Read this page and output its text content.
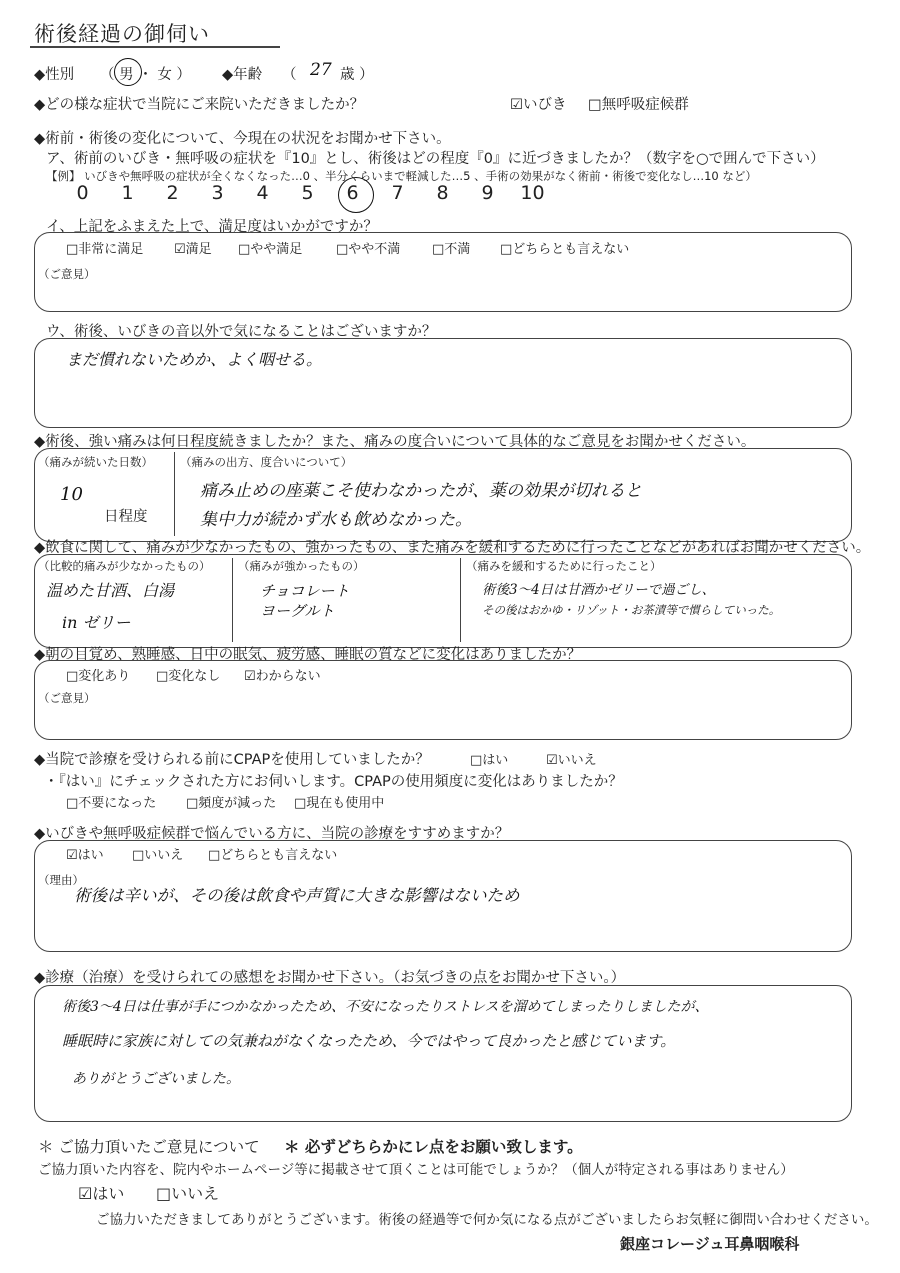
術後経過の御伺い
◆性別 （ 男 ・ 女 ） ◆年齢 （ 27 歳 ）
◆どの様な症状で当院にご来院いただきましたか？	☑いびき □無呼吸症候群
◆術前・術後の変化について、今現在の状況をお聞かせ下さい。
ア、術前のいびき・無呼吸の症状を『10』とし、術後はどの程度『0』に近づきましたか？（数字を○で囲んで下さい）
【例】 いびきや無呼吸の症状が全くなくなった…0 、半分くらいまで軽減した…5 、手術の効果がなく術前・術後で変化なし…10 など）
0 1 2 3 4 5 6 7 8 9 10
イ、上記をふまえた上で、満足度はいかがですか？
□非常に満足 ☑満足 □やや満足	□やや不満 □不満 □どちらとも言えない
（ご意見）
ウ、術後、いびきの音以外で気になることはございますか？
まだ慣れないためか、よく咽せる。
◆術後、強い痛みは何日程度続きましたか？また、痛みの度合いについて具体的なご意見をお聞かせください。
（痛みが続いた日数）
10
日程度
（痛みの出方、度合いについて）
痛み止めの座薬こそ使わなかったが、薬の効果が切れると
集中力が続かず水も飲めなかった。
◆飲食に関して、痛みが少なかったもの、強かったもの、また痛みを緩和するために行ったことなどがあればお聞かせください。
（比較的痛みが少なかったもの）
温めた甘酒、白湯
in ゼリー
（痛みが強かったもの）
チョコレート
ヨーグルト
（痛みを緩和するために行ったこと）
術後3〜4日は甘酒かゼリーで過ごし、
その後はおかゆ・リゾット・お茶漬等で慣らしていった。
◆朝の目覚め、熟睡感、日中の眠気、疲労感、睡眠の質などに変化はありましたか？
□変化あり □変化なし ☑わからない
（ご意見）
◆当院で診療を受けられる前にCPAPを使用していましたか？	□はい	☑いいえ
・『はい』にチェックされた方にお伺いします。CPAPの使用頻度に変化はありましたか？
□不要になった □頻度が減った □現在も使用中
◆いびきや無呼吸症候群で悩んでいる方に、当院の診療をすすめますか？
☑はい □いいえ □どちらとも言えない
（理由）
術後は辛いが、その後は飲食や声質に大きな影響はないため
◆診療（治療）を受けられての感想をお聞かせ下さい。（お気づきの点をお聞かせ下さい。）
術後3〜4日は仕事が手につかなかったため、不安になったりストレスを溜めてしまったりしましたが、
睡眠時に家族に対しての気兼ねがなくなったため、今ではやって良かったと感じています。
ありがとうございました。
＊ ご協力頂いたご意見について ＊ 必ずどちらかにレ点をお願い致します。
ご協力頂いた内容を、院内やホームページ等に掲載させて頂くことは可能でしょうか？（個人が特定される事はありません）
☑はい □いいえ
ご協力いただきましてありがとうございます。術後の経過等で何か気になる点がございましたらお気軽に御問い合わせください。
銀座コレージュ耳鼻咽喉科
